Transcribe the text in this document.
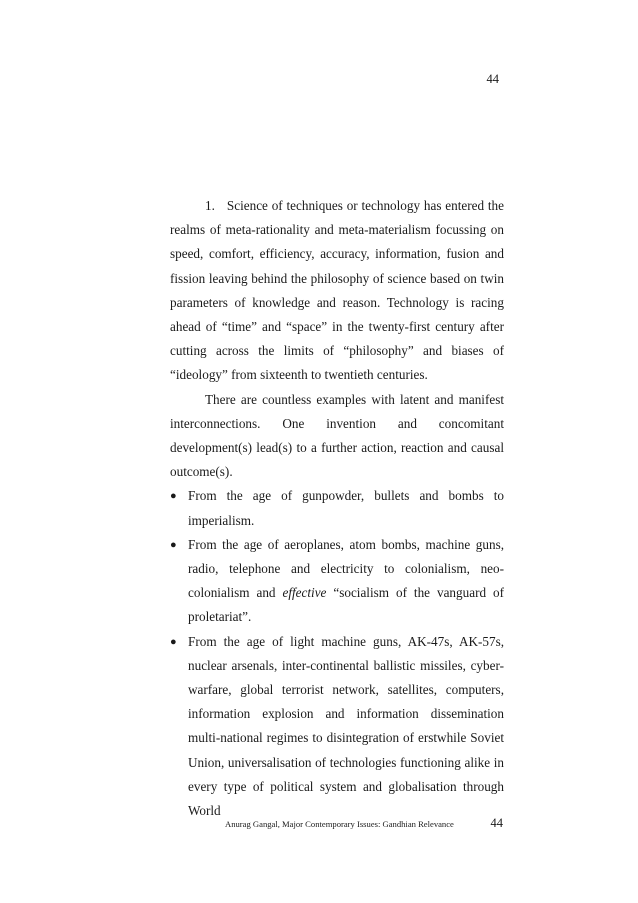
44

1. Science of techniques or technology has entered the realms of meta-rationality and meta-materialism focussing on speed, comfort, efficiency, accuracy, information, fusion and fission leaving behind the philosophy of science based on twin parameters of knowledge and reason. Technology is racing ahead of “time” and “space” in the twenty-first century after cutting across the limits of “philosophy” and biases of “ideology” from sixteenth to twentieth centuries.

There are countless examples with latent and manifest interconnections. One invention and concomitant development(s) lead(s) to a further action, reaction and causal outcome(s).

● From the age of gunpowder, bullets and bombs to imperialism.
● From the age of aeroplanes, atom bombs, machine guns, radio, telephone and electricity to colonialism, neo-colonialism and effective “socialism of the vanguard of proletariat”.
● From the age of light machine guns, AK-47s, AK-57s, nuclear arsenals, inter-continental ballistic missiles, cyber-warfare, global terrorist network, satellites, computers, information explosion and information dissemination multi-national regimes to disintegration of erstwhile Soviet Union, universalisation of technologies functioning alike in every type of political system and globalisation through World
Anurag Gangal, Major Contemporary Issues: Gandhian Relevance	44
